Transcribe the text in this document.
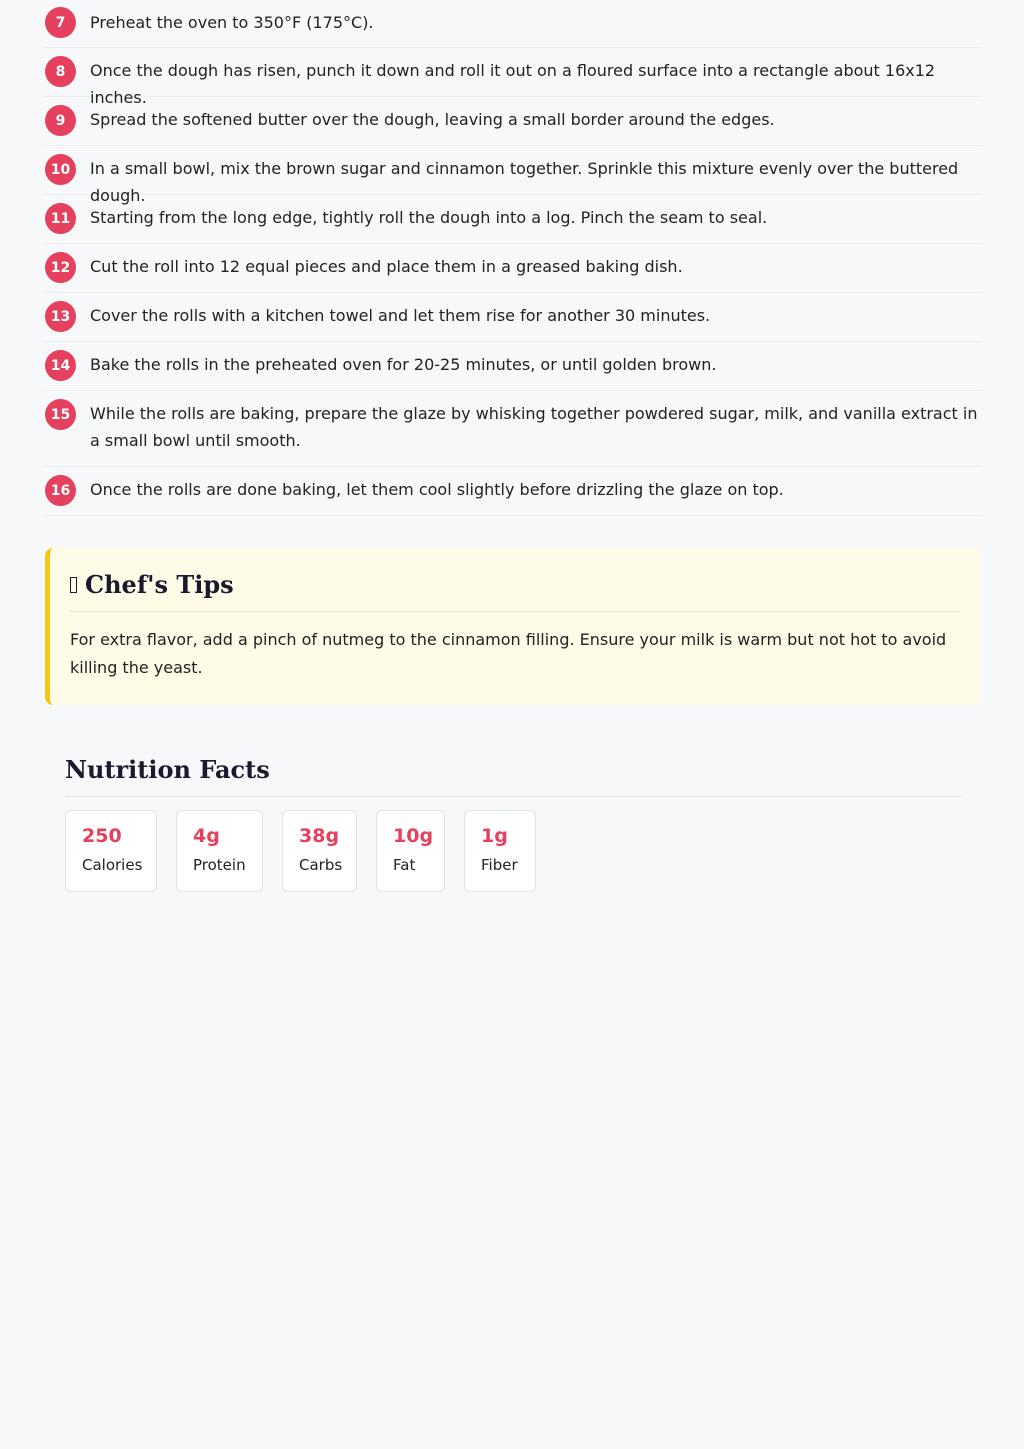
7	Preheat the oven to 350°F (175°C).
8	Once the dough has risen, punch it down and roll it out on a floured surface into a rectangle about 16x12 inches.
9	Spread the softened butter over the dough, leaving a small border around the edges.
10	In a small bowl, mix the brown sugar and cinnamon together. Sprinkle this mixture evenly over the buttered dough.
11	Starting from the long edge, tightly roll the dough into a log. Pinch the seam to seal.
12	Cut the roll into 12 equal pieces and place them in a greased baking dish.
13	Cover the rolls with a kitchen towel and let them rise for another 30 minutes.
14	Bake the rolls in the preheated oven for 20-25 minutes, or until golden brown.
15	While the rolls are baking, prepare the glaze by whisking together powdered sugar, milk, and vanilla extract in a small bowl until smooth.
16	Once the rolls are done baking, let them cool slightly before drizzling the glaze on top.
Chef's Tips

For extra flavor, add a pinch of nutmeg to the cinnamon filling. Ensure your milk is warm but not hot to avoid killing the yeast.

Nutrition Facts
250
Calories
4g
Protein
38g
Carbs
10g
Fat
1g
Fiber
